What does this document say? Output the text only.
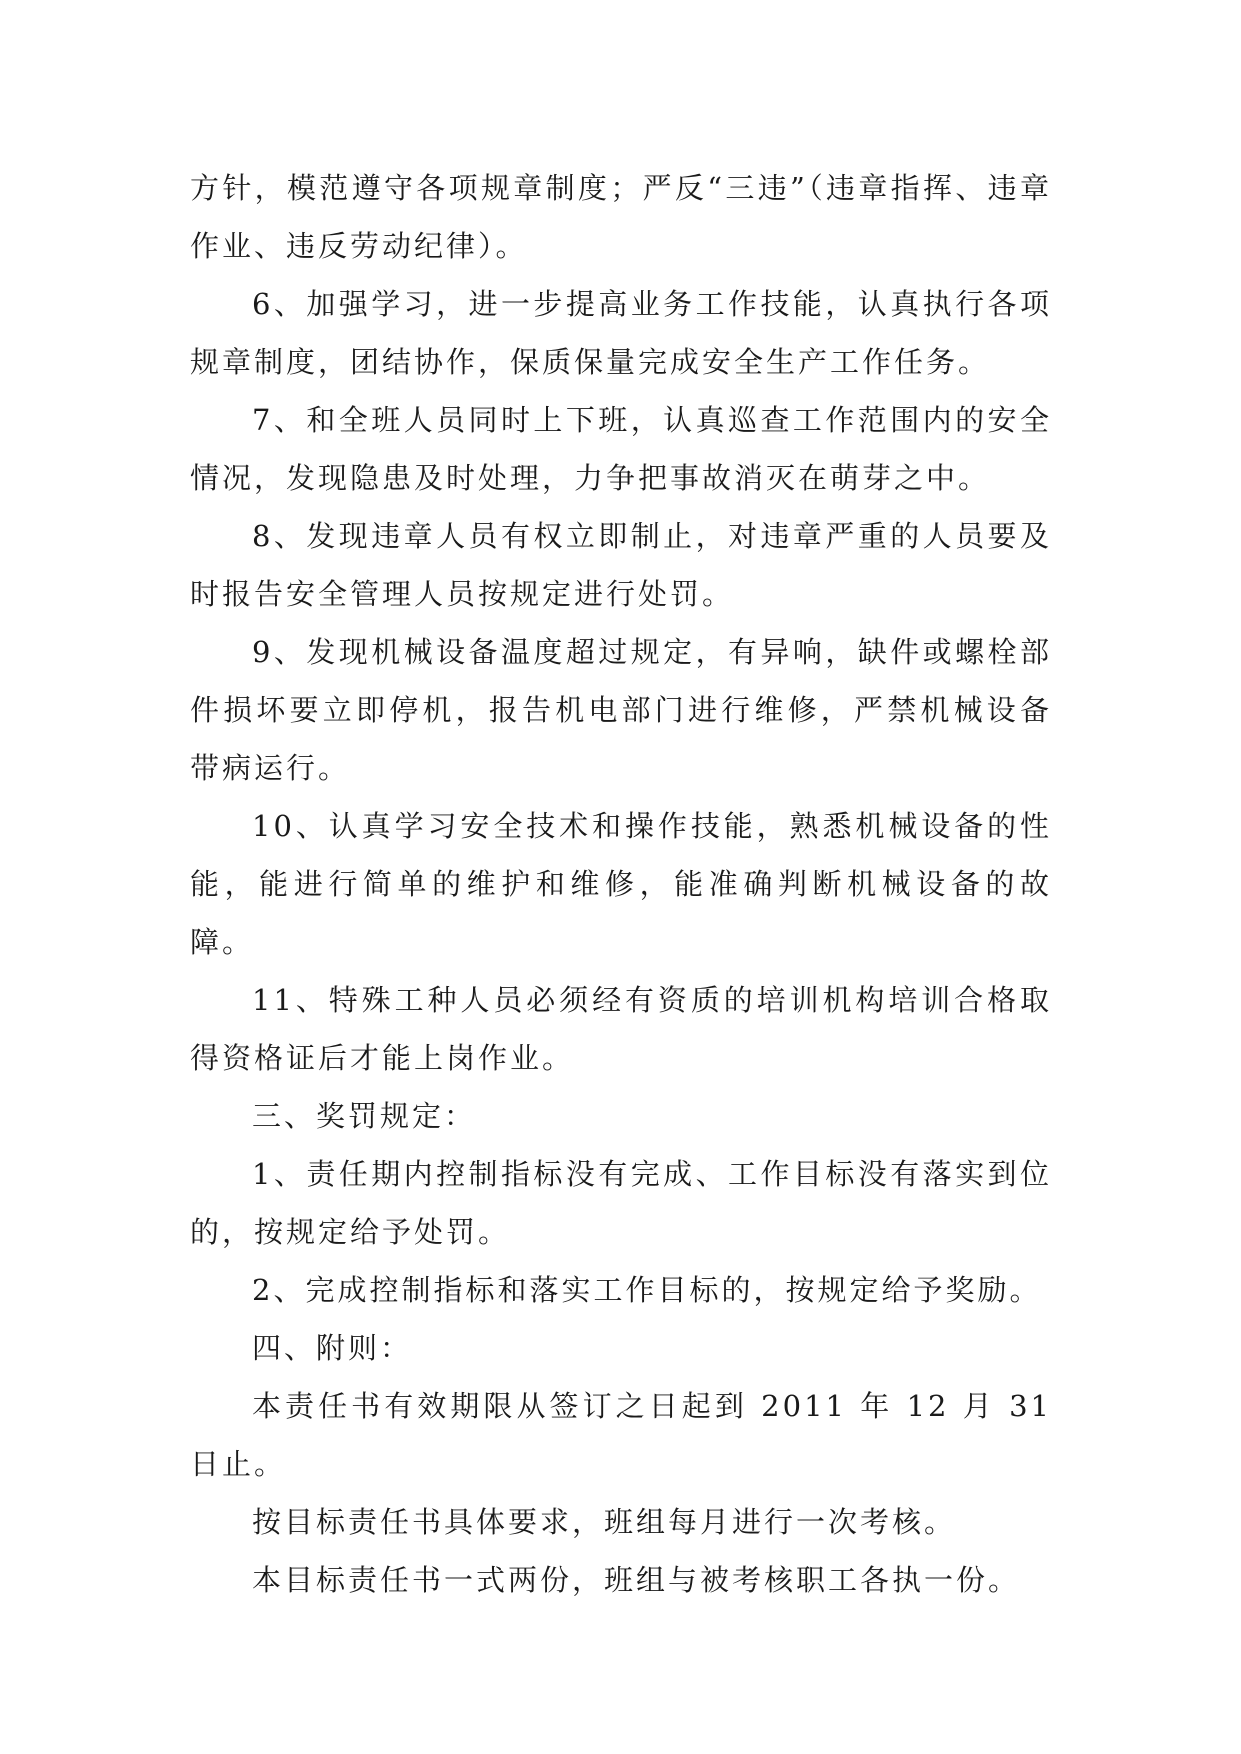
方针，模范遵守各项规章制度；严反“三违”（违章指挥、违章作业、违反劳动纪律）。

6、加强学习，进一步提高业务工作技能，认真执行各项规章制度，团结协作，保质保量完成安全生产工作任务。

7、和全班人员同时上下班，认真巡查工作范围内的安全情况，发现隐患及时处理，力争把事故消灭在萌芽之中。

8、发现违章人员有权立即制止，对违章严重的人员要及时报告安全管理人员按规定进行处罚。

9、发现机械设备温度超过规定，有异响，缺件或螺栓部件损坏要立即停机，报告机电部门进行维修，严禁机械设备带病运行。

10、认真学习安全技术和操作技能，熟悉机械设备的性能，能进行简单的维护和维修，能准确判断机械设备的故障。

11、特殊工种人员必须经有资质的培训机构培训合格取得资格证后才能上岗作业。

三、奖罚规定：

1、责任期内控制指标没有完成、工作目标没有落实到位的，按规定给予处罚。

2、完成控制指标和落实工作目标的，按规定给予奖励。

四、附则：

本责任书有效期限从签订之日起到 2011 年 12 月 31 日止。

按目标责任书具体要求，班组每月进行一次考核。

本目标责任书一式两份，班组与被考核职工各执一份。
